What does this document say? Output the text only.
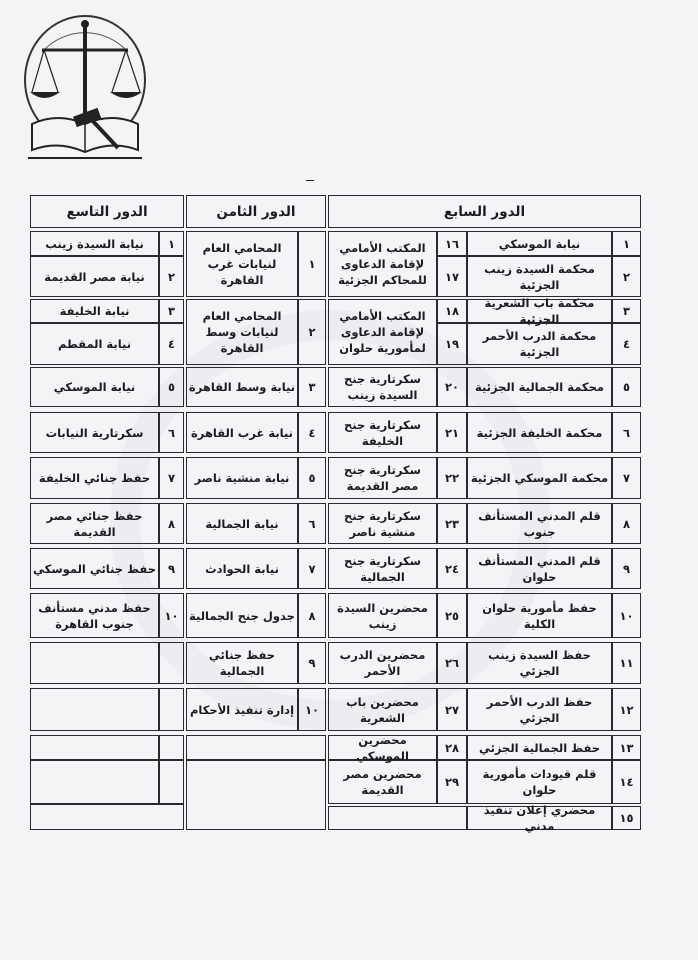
الدور السابع
الدور الثامن
الدور التاسع
١
نيابة الموسكي
٢
محكمة السيدة زينب الجزئية
٣
محكمة باب الشعرية الجزئية
٤
محكمة الدرب الأحمر الجزئية
٥
محكمة الجمالية الجزئية
٦
محكمة الخليفة الجزئية
٧
محكمة الموسكي الجزئية
٨
قلم المدني المستأنف جنوب
٩
قلم المدني المستأنف حلوان
١٠
حفظ مأمورية حلوان الكلية
١١
حفظ السيدة زينب الجزئي
١٢
حفظ الدرب الأحمر الجزئي
١٣
حفظ الجمالية الجزئي
١٤
قلم قيودات مأمورية حلوان
١٥
محضري إعلان تنفيذ مدني
١٦
١٧
١٨
١٩
٢٠
٢١
٢٢
٢٣
٢٤
٢٥
٢٦
٢٧
٢٨
٢٩
المكتب الأمامي لإقامة الدعاوى للمحاكم الجزئية
المكتب الأمامي لإقامة الدعاوى لمأمورية حلوان
سكرتارية جنح السيدة زينب
سكرتارية جنح الخليفة
سكرتارية جنح مصر القديمة
سكرتارية جنح منشية ناصر
سكرتارية جنح الجمالية
محضرين السيدة زينب
محضرين الدرب الأحمر
محضرين باب الشعرية
محضرين الموسكي
محضرين مصر القديمة
١
المحامي العام لنيابات غرب القاهرة
٢
المحامي العام لنيابات وسط القاهرة
٣
نيابة وسط القاهرة
٤
نيابة غرب القاهرة
٥
نيابة منشية ناصر
٦
نيابة الجمالية
٧
نيابة الحوادث
٨
جدول جنح الجمالية
٩
حفظ جنائي الجمالية
١٠
إدارة تنفيذ الأحكام
١
نيابة السيدة زينب
٢
نيابة مصر القديمة
٣
نيابة الخليفة
٤
نيابة المقطم
٥
نيابة الموسكي
٦
سكرتارية النيابات
٧
حفظ جنائي الخليفة
٨
حفظ جنائي مصر القديمة
٩
حفظ جنائي الموسكي
١٠
حفظ مدني مستأنف جنوب القاهرة
